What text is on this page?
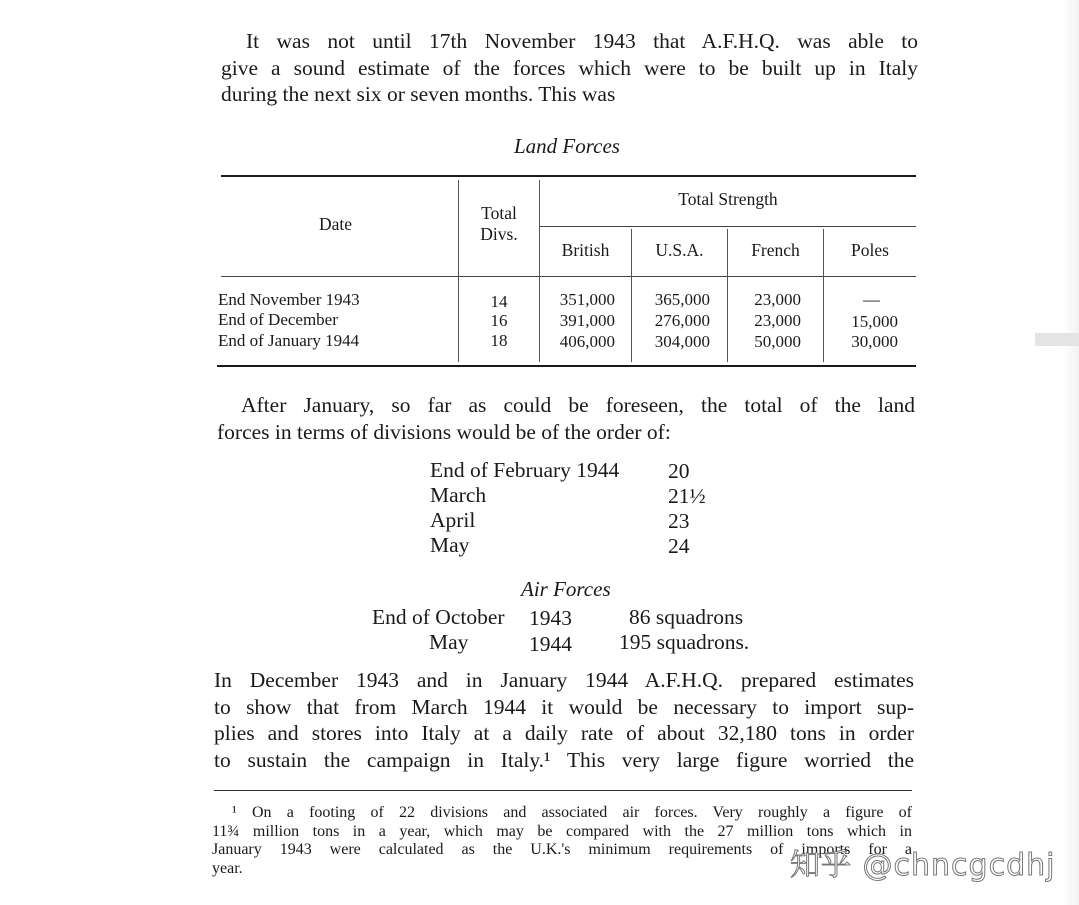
It was not until 17th November 1943 that A.F.H.Q. was able to
give a sound estimate of the forces which were to be built up in Italy
during the next six or seven months. This was
Land Forces
Date
Total
Divs.
Total Strength
British	U.S.A.	French	Poles
End November 1943	14	351,000	365,000	23,000	—
End of December	16	391,000	276,000	23,000	15,000
End of January 1944	18	406,000	304,000	50,000	30,000
After January, so far as could be foreseen, the total of the land
forces in terms of divisions would be of the order of:
End of February 1944 20
March	21½
April	23
May	24
Air Forces
End of October 1943	86 squadrons
May	1944 195 squadrons.
In December 1943 and in January 1944 A.F.H.Q. prepared estimates
to show that from March 1944 it would be necessary to import sup-
plies and stores into Italy at a daily rate of about 32,180 tons in order
to sustain the campaign in Italy.¹ This very large figure worried the
¹ On a footing of 22 divisions and associated air forces. Very roughly a figure of
11¾ million tons in a year, which may be compared with the 27 million tons which in
January 1943 were calculated as the U.K.'s minimum requirements of imports for a
year.	知乎 @chncgcdhj
